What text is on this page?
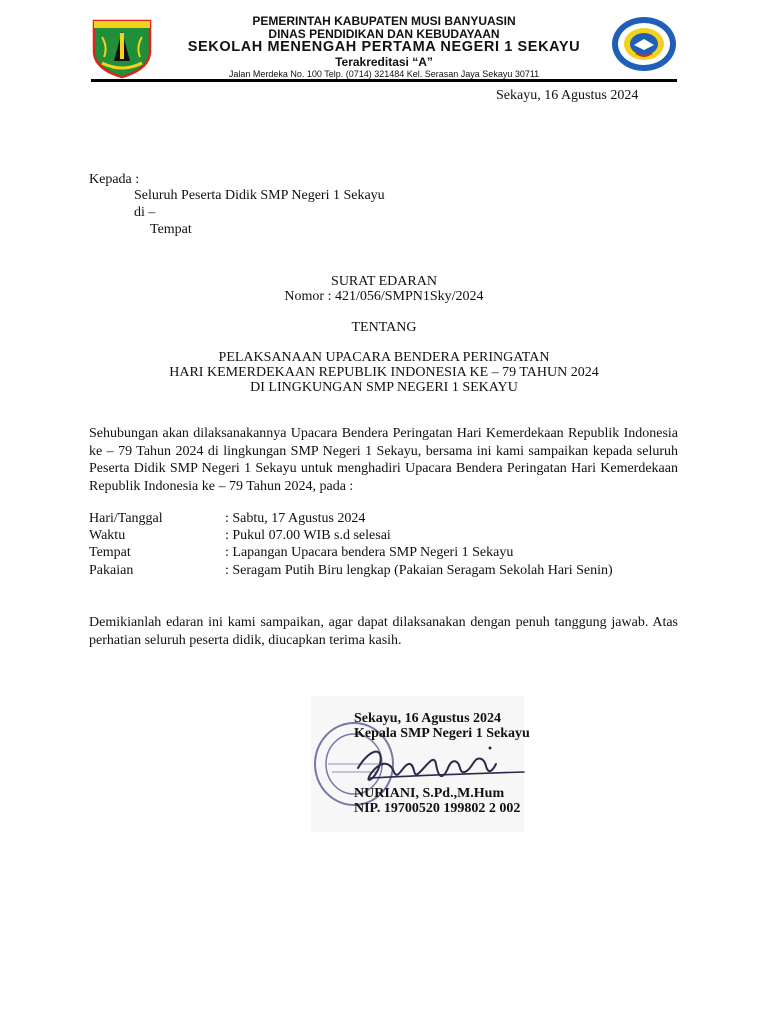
PEMERINTAH KABUPATEN MUSI BANYUASIN
DINAS PENDIDIKAN DAN KEBUDAYAAN
SEKOLAH MENENGAH PERTAMA NEGERI 1 SEKAYU
Terakreditasi “A”
Jalan Merdeka No. 100 Telp. (0714) 321484 Kel. Serasan Jaya Sekayu 30711
Sekayu, 16 Agustus 2024
Kepada :
Seluruh Peserta Didik SMP Negeri 1 Sekayu
di –
Tempat
SURAT EDARAN
Nomor : 421/056/SMPN1Sky/2024
TENTANG
PELAKSANAAN UPACARA BENDERA PERINGATAN
HARI KEMERDEKAAN REPUBLIK INDONESIA KE – 79 TAHUN 2024
DI LINGKUNGAN SMP NEGERI 1 SEKAYU
Sehubungan akan dilaksanakannya Upacara Bendera Peringatan Hari Kemerdekaan Republik Indonesia ke – 79 Tahun 2024 di lingkungan SMP Negeri 1 Sekayu, bersama ini kami sampaikan kepada seluruh Peserta Didik SMP Negeri 1 Sekayu untuk menghadiri Upacara Bendera Peringatan Hari Kemerdekaan Republik Indonesia ke – 79 Tahun 2024, pada :
Hari/Tanggal	: Sabtu, 17 Agustus 2024
Waktu	: Pukul 07.00 WIB s.d selesai
Tempat	: Lapangan Upacara bendera SMP Negeri 1 Sekayu
Pakaian	: Seragam Putih Biru lengkap (Pakaian Seragam Sekolah Hari Senin)
Demikianlah edaran ini kami sampaikan, agar dapat dilaksanakan dengan penuh tanggung jawab. Atas perhatian seluruh peserta didik, diucapkan terima kasih.
Sekayu, 16 Agustus 2024
Kepala SMP Negeri 1 Sekayu
NURIANI, S.Pd.,M.Hum
NIP. 19700520 199802 2 002
